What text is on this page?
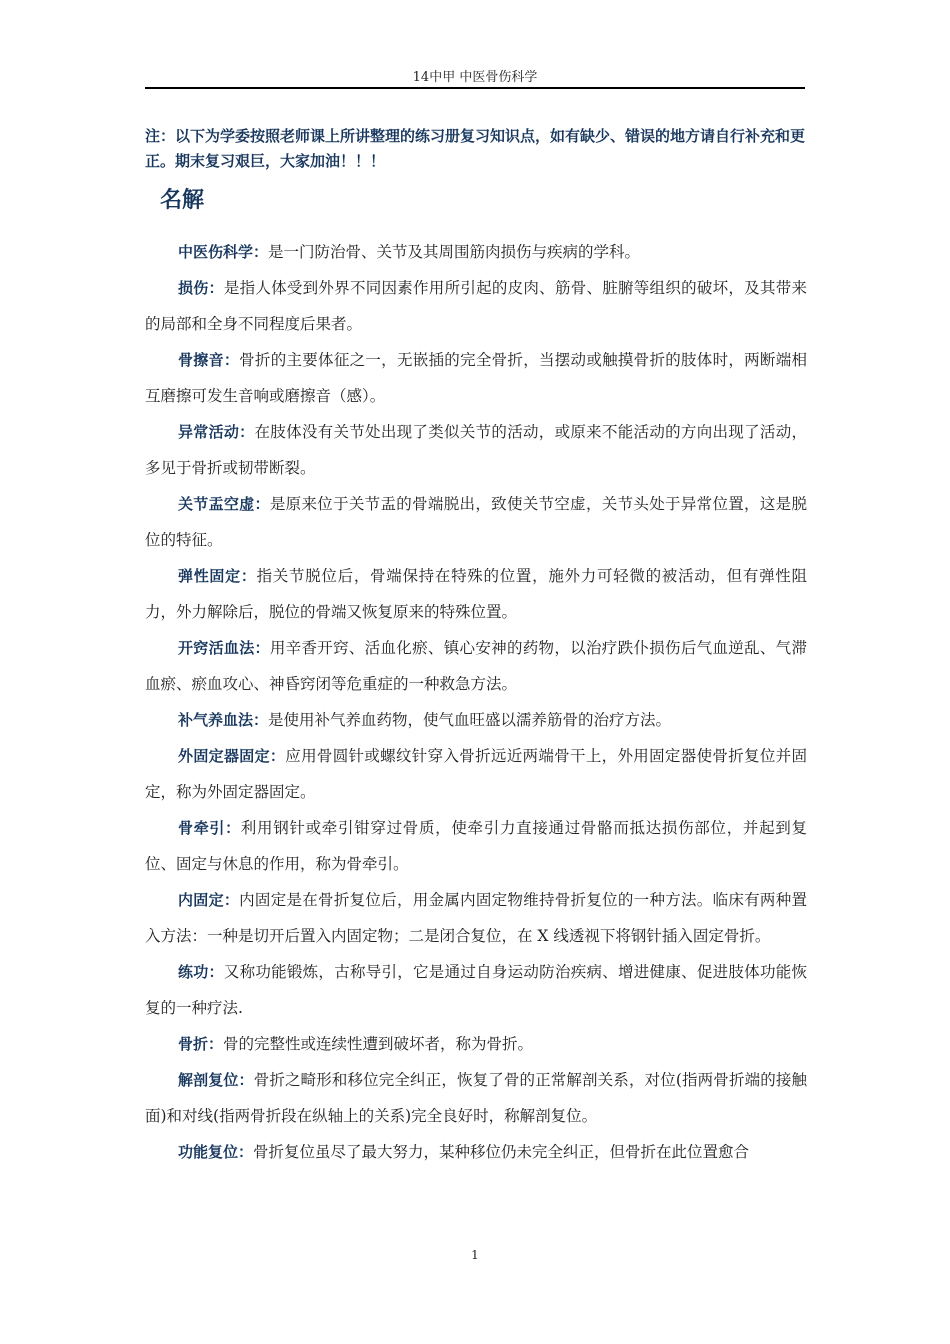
14中甲 中医骨伤科学
注：以下为学委按照老师课上所讲整理的练习册复习知识点，如有缺少、错误的地方请自行补充和更正。期末复习艰巨，大家加油！！！
名解

中医伤科学：是一门防治骨、关节及其周围筋肉损伤与疾病的学科。

损伤：是指人体受到外界不同因素作用所引起的皮肉、筋骨、脏腑等组织的破坏，及其带来的局部和全身不同程度后果者。

骨擦音：骨折的主要体征之一，无嵌插的完全骨折，当摆动或触摸骨折的肢体时，两断端相互磨擦可发生音响或磨擦音（感）。

异常活动：在肢体没有关节处出现了类似关节的活动，或原来不能活动的方向出现了活动，多见于骨折或韧带断裂。

关节盂空虚：是原来位于关节盂的骨端脱出，致使关节空虚，关节头处于异常位置，这是脱位的特征。

弹性固定：指关节脱位后，骨端保持在特殊的位置，施外力可轻微的被活动，但有弹性阻力，外力解除后，脱位的骨端又恢复原来的特殊位置。

开窍活血法：用辛香开窍、活血化瘀、镇心安神的药物，以治疗跌仆损伤后气血逆乱、气滞血瘀、瘀血攻心、神昏窍闭等危重症的一种救急方法。

补气养血法：是使用补气养血药物，使气血旺盛以濡养筋骨的治疗方法。

外固定器固定：应用骨圆针或螺纹针穿入骨折远近两端骨干上，外用固定器使骨折复位并固定，称为外固定器固定。

骨牵引：利用钢针或牵引钳穿过骨质，使牵引力直接通过骨骼而抵达损伤部位，并起到复位、固定与休息的作用，称为骨牵引。

内固定：内固定是在骨折复位后，用金属内固定物维持骨折复位的一种方法。临床有两种置入方法：一种是切开后置入内固定物；二是闭合复位，在 X 线透视下将钢针插入固定骨折。

练功：又称功能锻炼，古称导引，它是通过自身运动防治疾病、增进健康、促进肢体功能恢复的一种疗法.

骨折：骨的完整性或连续性遭到破坏者，称为骨折。

解剖复位：骨折之畸形和移位完全纠正，恢复了骨的正常解剖关系，对位(指两骨折端的接触面)和对线(指两骨折段在纵轴上的关系)完全良好时，称解剖复位。

功能复位：骨折复位虽尽了最大努力，某种移位仍未完全纠正，但骨折在此位置愈合

1
